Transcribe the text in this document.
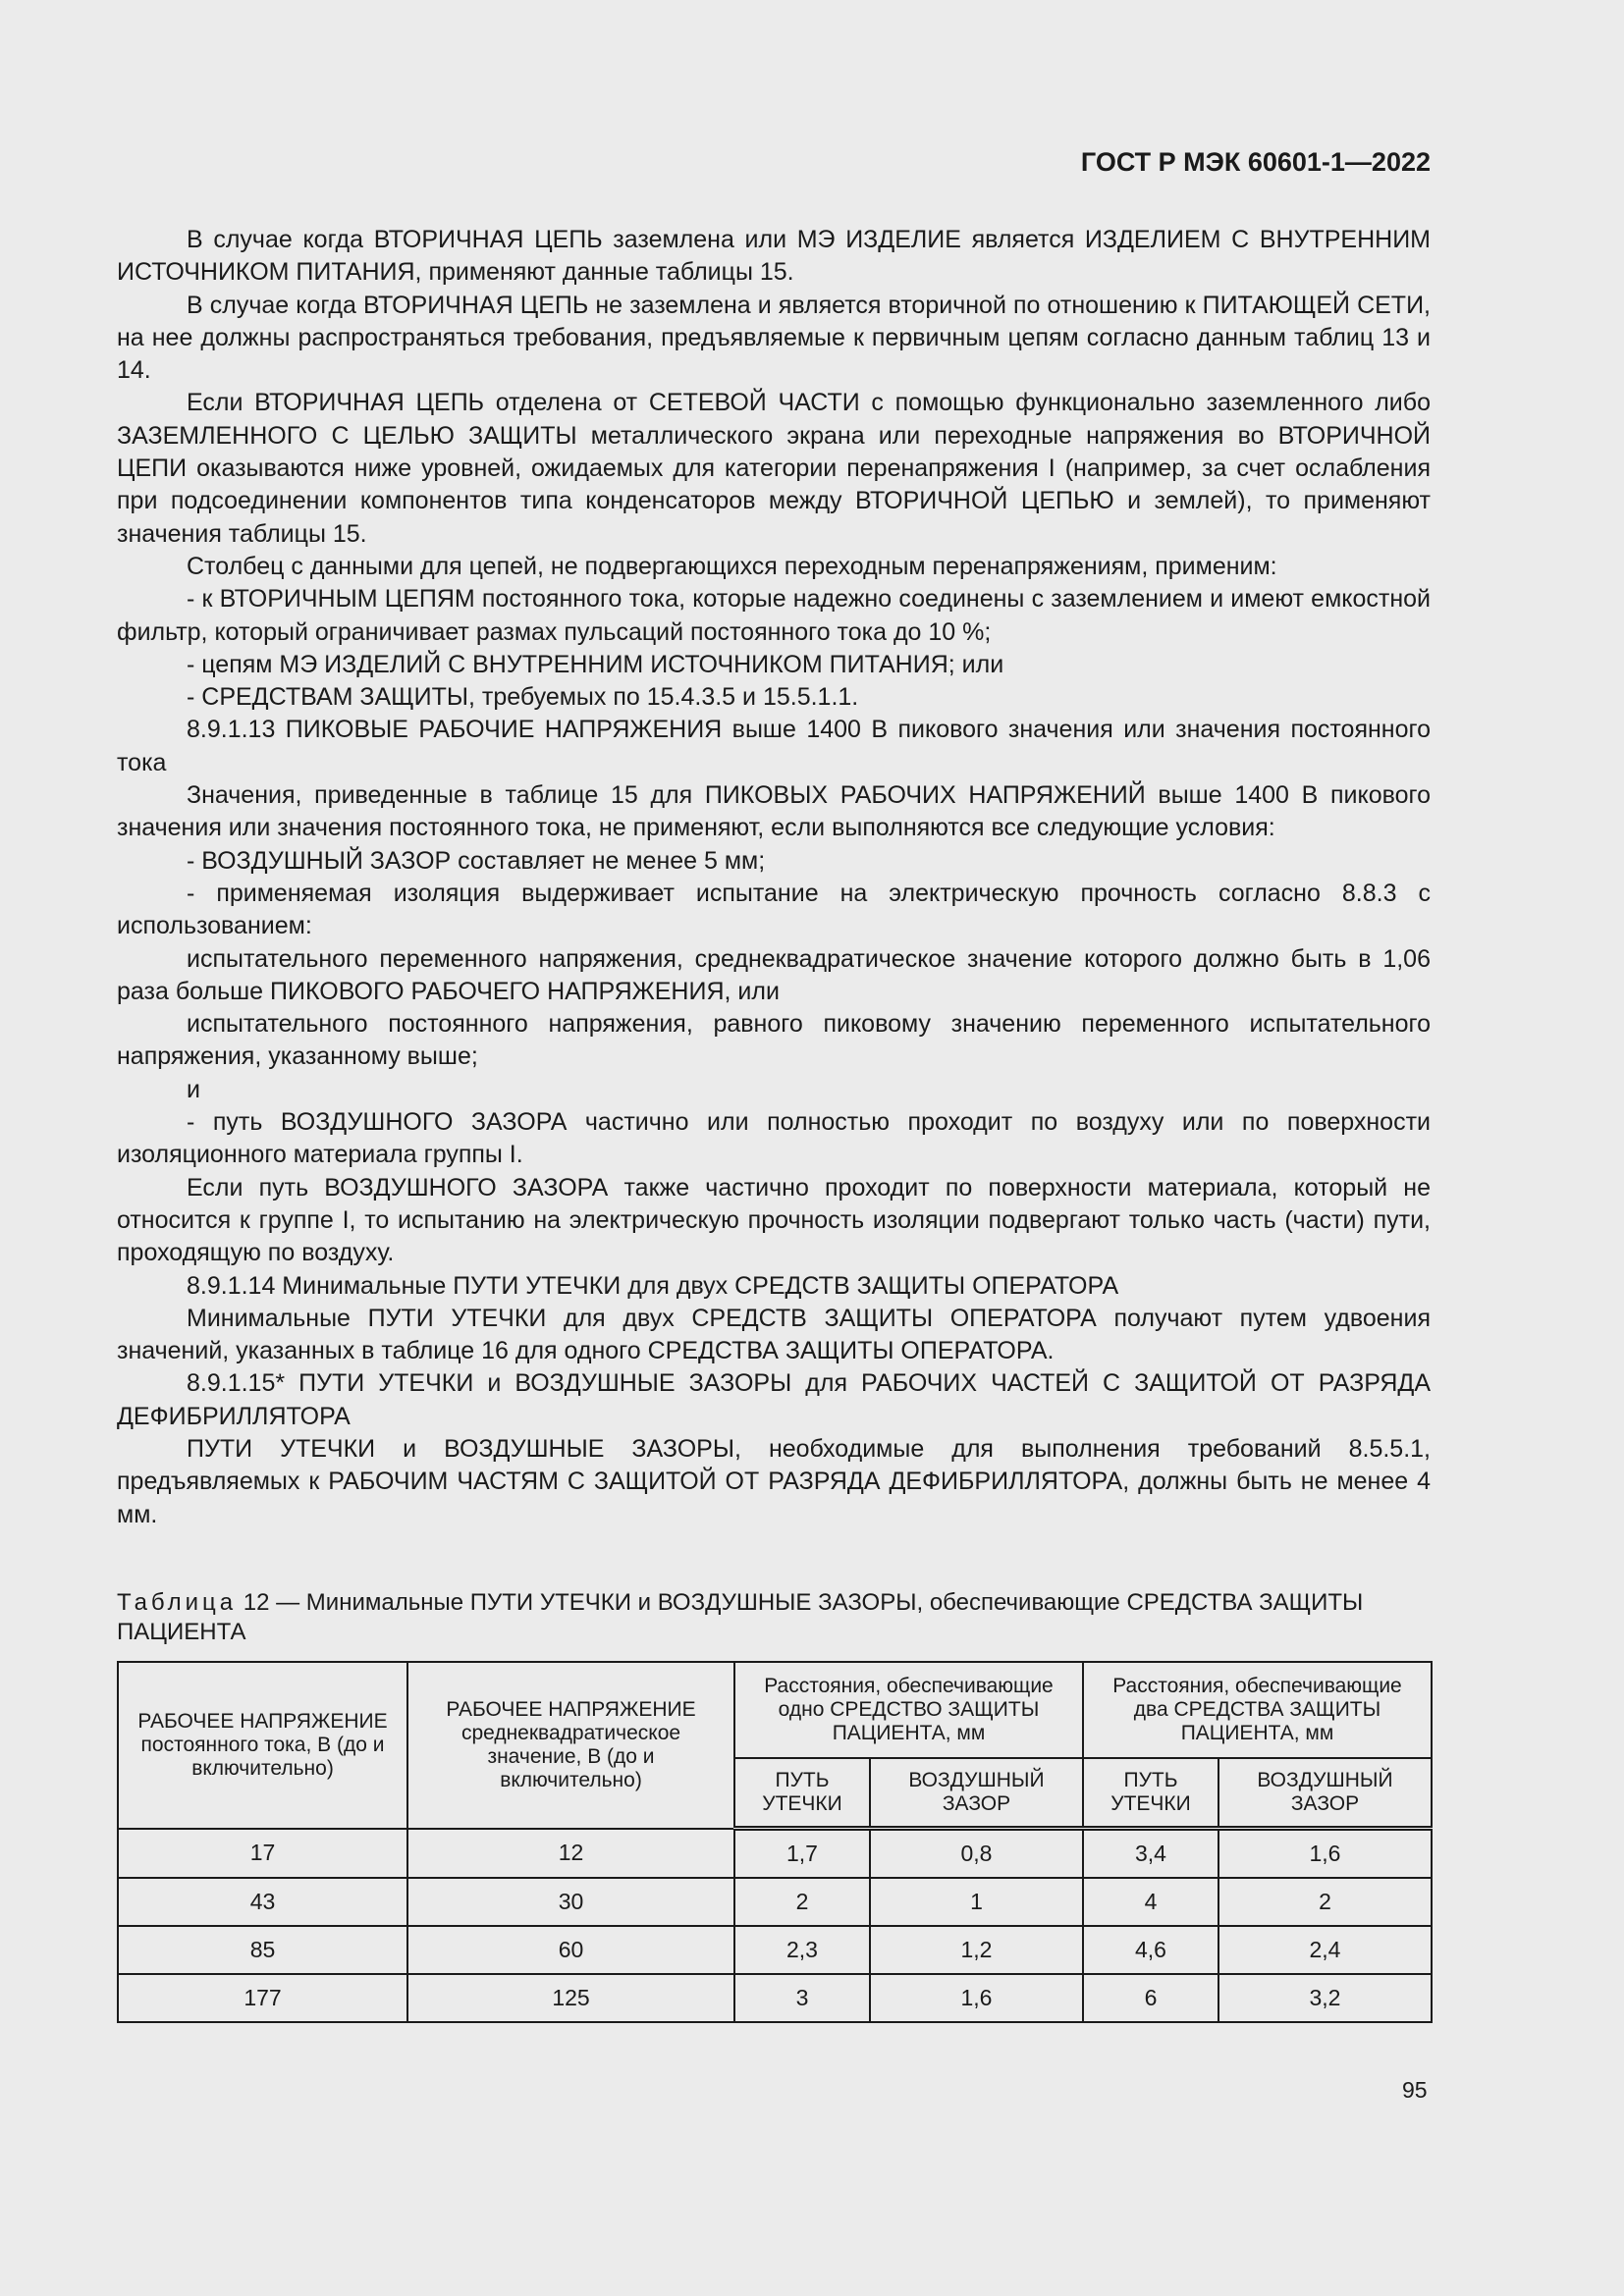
ГОСТ Р МЭК 60601-1—2022

В случае когда ВТОРИЧНАЯ ЦЕПЬ заземлена или МЭ ИЗДЕЛИЕ является ИЗДЕЛИЕМ С ВНУТРЕННИМ ИСТОЧНИКОМ ПИТАНИЯ, применяют данные таблицы 15.

В случае когда ВТОРИЧНАЯ ЦЕПЬ не заземлена и является вторичной по отношению к ПИТАЮЩЕЙ СЕТИ, на нее должны распространяться требования, предъявляемые к первичным цепям согласно данным таблиц 13 и 14.

Если ВТОРИЧНАЯ ЦЕПЬ отделена от СЕТЕВОЙ ЧАСТИ с помощью функционально заземленного либо ЗАЗЕМЛЕННОГО С ЦЕЛЬЮ ЗАЩИТЫ металлического экрана или переходные напряжения во ВТОРИЧНОЙ ЦЕПИ оказываются ниже уровней, ожидаемых для категории перенапряжения I (например, за счет ослабления при подсоединении компонентов типа конденсаторов между ВТОРИЧНОЙ ЦЕПЬЮ и землей), то применяют значения таблицы 15.

Столбец с данными для цепей, не подвергающихся переходным перенапряжениям, применим:

- к ВТОРИЧНЫМ ЦЕПЯМ постоянного тока, которые надежно соединены с заземлением и имеют емкостной фильтр, который ограничивает размах пульсаций постоянного тока до 10 %;

- цепям МЭ ИЗДЕЛИЙ С ВНУТРЕННИМ ИСТОЧНИКОМ ПИТАНИЯ; или

- СРЕДСТВАМ ЗАЩИТЫ, требуемых по 15.4.3.5 и 15.5.1.1.

8.9.1.13 ПИКОВЫЕ РАБОЧИЕ НАПРЯЖЕНИЯ выше 1400 В пикового значения или значения постоянного тока

Значения, приведенные в таблице 15 для ПИКОВЫХ РАБОЧИХ НАПРЯЖЕНИЙ выше 1400 В пикового значения или значения постоянного тока, не применяют, если выполняются все следующие условия:

- ВОЗДУШНЫЙ ЗАЗОР составляет не менее 5 мм;

- применяемая изоляция выдерживает испытание на электрическую прочность согласно 8.8.3 с использованием:

испытательного переменного напряжения, среднеквадратическое значение которого должно быть в 1,06 раза больше ПИКОВОГО РАБОЧЕГО НАПРЯЖЕНИЯ, или

испытательного постоянного напряжения, равного пиковому значению переменного испытательного напряжения, указанному выше;

и

- путь ВОЗДУШНОГО ЗАЗОРА частично или полностью проходит по воздуху или по поверхности изоляционного материала группы I.

Если путь ВОЗДУШНОГО ЗАЗОРА также частично проходит по поверхности материала, который не относится к группе I, то испытанию на электрическую прочность изоляции подвергают только часть (части) пути, проходящую по воздуху.

8.9.1.14 Минимальные ПУТИ УТЕЧКИ для двух СРЕДСТВ ЗАЩИТЫ ОПЕРАТОРА

Минимальные ПУТИ УТЕЧКИ для двух СРЕДСТВ ЗАЩИТЫ ОПЕРАТОРА получают путем удвоения значений, указанных в таблице 16 для одного СРЕДСТВА ЗАЩИТЫ ОПЕРАТОРА.

8.9.1.15* ПУТИ УТЕЧКИ и ВОЗДУШНЫЕ ЗАЗОРЫ для РАБОЧИХ ЧАСТЕЙ С ЗАЩИТОЙ ОТ РАЗРЯДА ДЕФИБРИЛЛЯТОРА

ПУТИ УТЕЧКИ и ВОЗДУШНЫЕ ЗАЗОРЫ, необходимые для выполнения требований 8.5.5.1, предъявляемых к РАБОЧИМ ЧАСТЯМ С ЗАЩИТОЙ ОТ РАЗРЯДА ДЕФИБРИЛЛЯТОРА, должны быть не менее 4 мм.

Таблица 12 — Минимальные ПУТИ УТЕЧКИ и ВОЗДУШНЫЕ ЗАЗОРЫ, обеспечивающие СРЕДСТВА ЗАЩИТЫ ПАЦИЕНТА
РАБОЧЕЕ НАПРЯЖЕНИЕ
постоянного тока, В (до и включительно)	РАБОЧЕЕ НАПРЯЖЕНИЕ
среднеквадратическое значение, В (до и включительно)	Расстояния, обеспечивающие одно СРЕДСТВО ЗАЩИТЫ ПАЦИЕНТА, мм		Расстояния, обеспечивающие два СРЕДСТВА ЗАЩИТЫ ПАЦИЕНТА, мм	
		ПУТЬ УТЕЧКИ	ВОЗДУШНЫЙ ЗАЗОР	ПУТЬ УТЕЧКИ	ВОЗДУШНЫЙ ЗАЗОР
17	12	1,7	0,8	3,4	1,6
43	30	2	1	4	2
85	60	2,3	1,2	4,6	2,4
177	125	3	1,6	6	3,2
95
